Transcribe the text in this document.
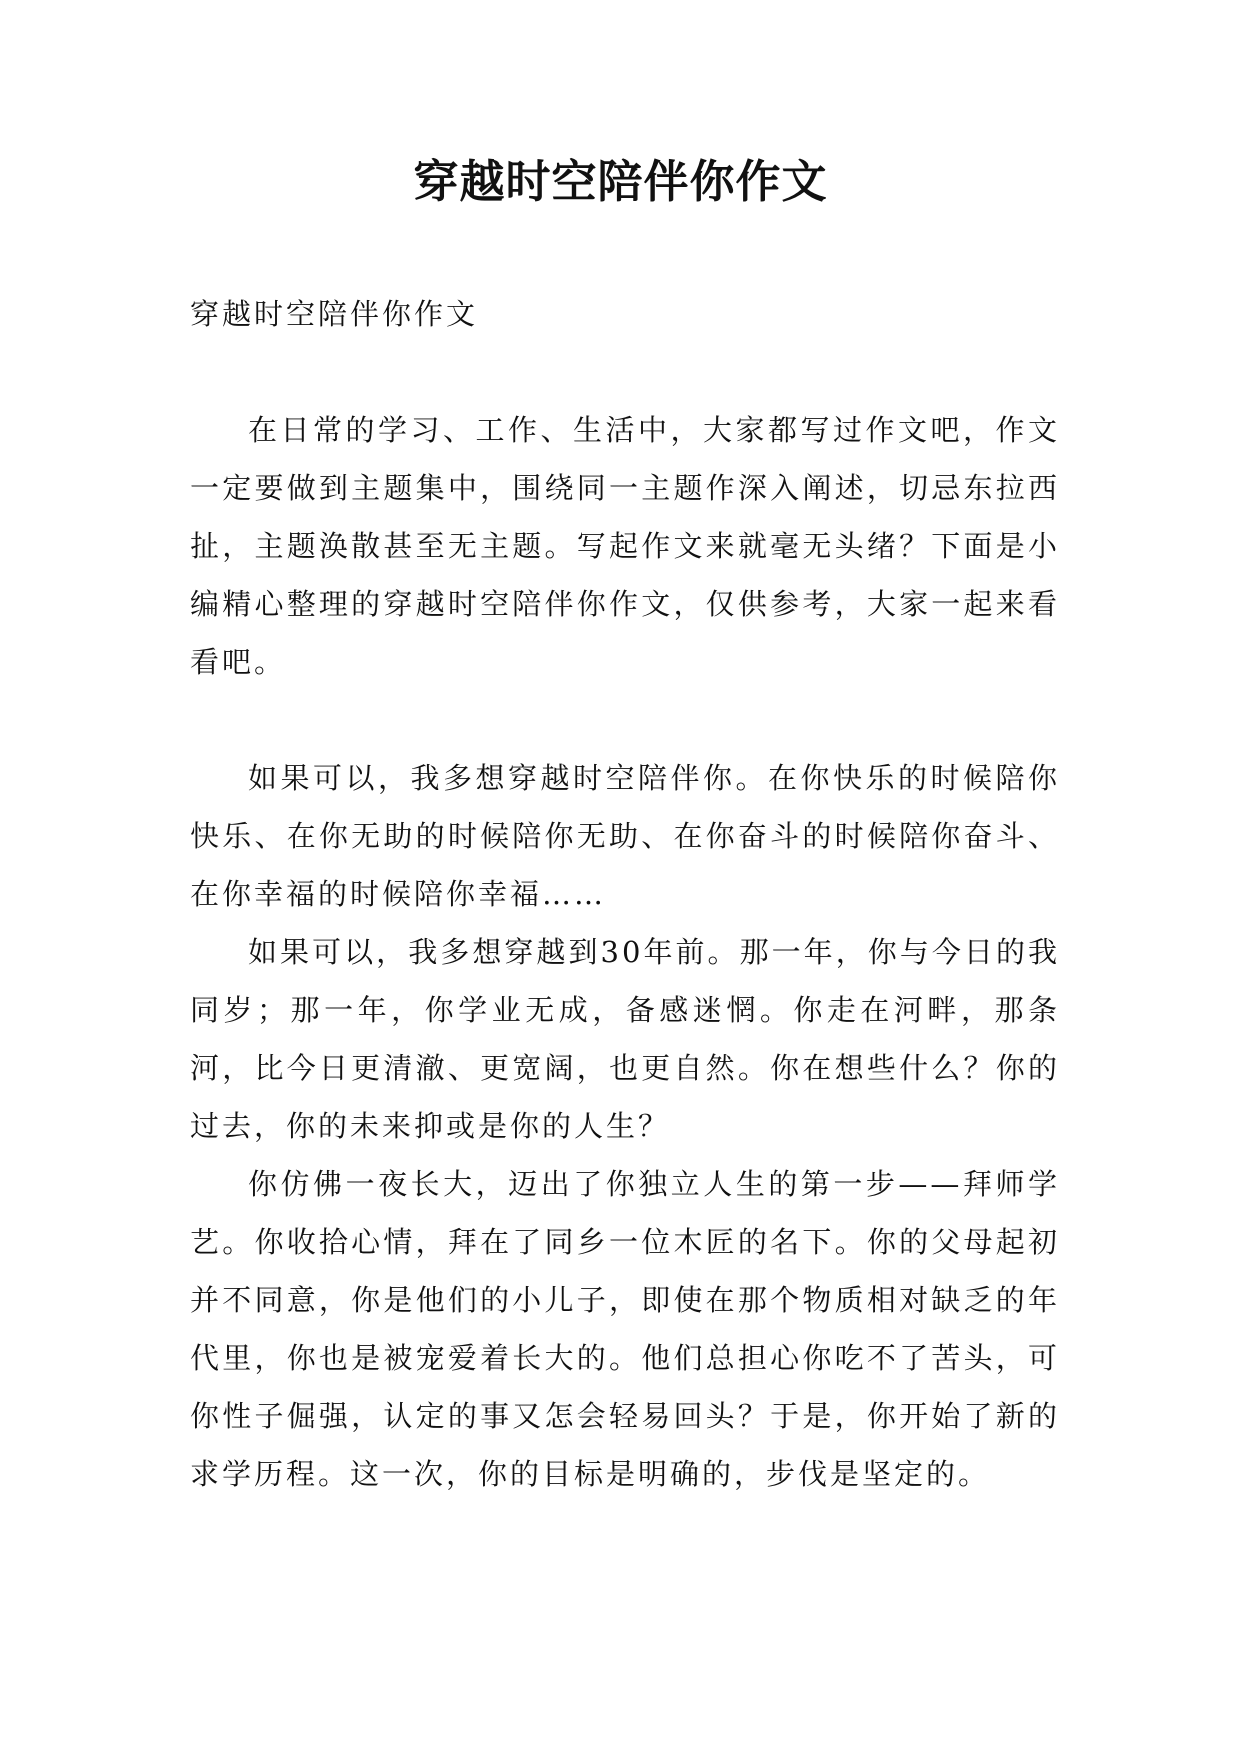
穿越时空陪伴你作文

穿越时空陪伴你作文

在日常的学习、工作、生活中，大家都写过作文吧，作文一定要做到主题集中，围绕同一主题作深入阐述，切忌东拉西扯，主题涣散甚至无主题。写起作文来就毫无头绪？下面是小编精心整理的穿越时空陪伴你作文，仅供参考，大家一起来看看吧。

如果可以，我多想穿越时空陪伴你。在你快乐的时候陪你快乐、在你无助的时候陪你无助、在你奋斗的时候陪你奋斗、在你幸福的时候陪你幸福……

如果可以，我多想穿越到30年前。那一年，你与今日的我同岁；那一年，你学业无成，备感迷惘。你走在河畔，那条河，比今日更清澈、更宽阔，也更自然。你在想些什么？你的过去，你的未来抑或是你的人生？

你仿佛一夜长大，迈出了你独立人生的第一步——拜师学艺。你收拾心情，拜在了同乡一位木匠的名下。你的父母起初并不同意，你是他们的小儿子，即使在那个物质相对缺乏的年代里，你也是被宠爱着长大的。他们总担心你吃不了苦头，可你性子倔强，认定的事又怎会轻易回头？于是，你开始了新的求学历程。这一次，你的目标是明确的，步伐是坚定的。
